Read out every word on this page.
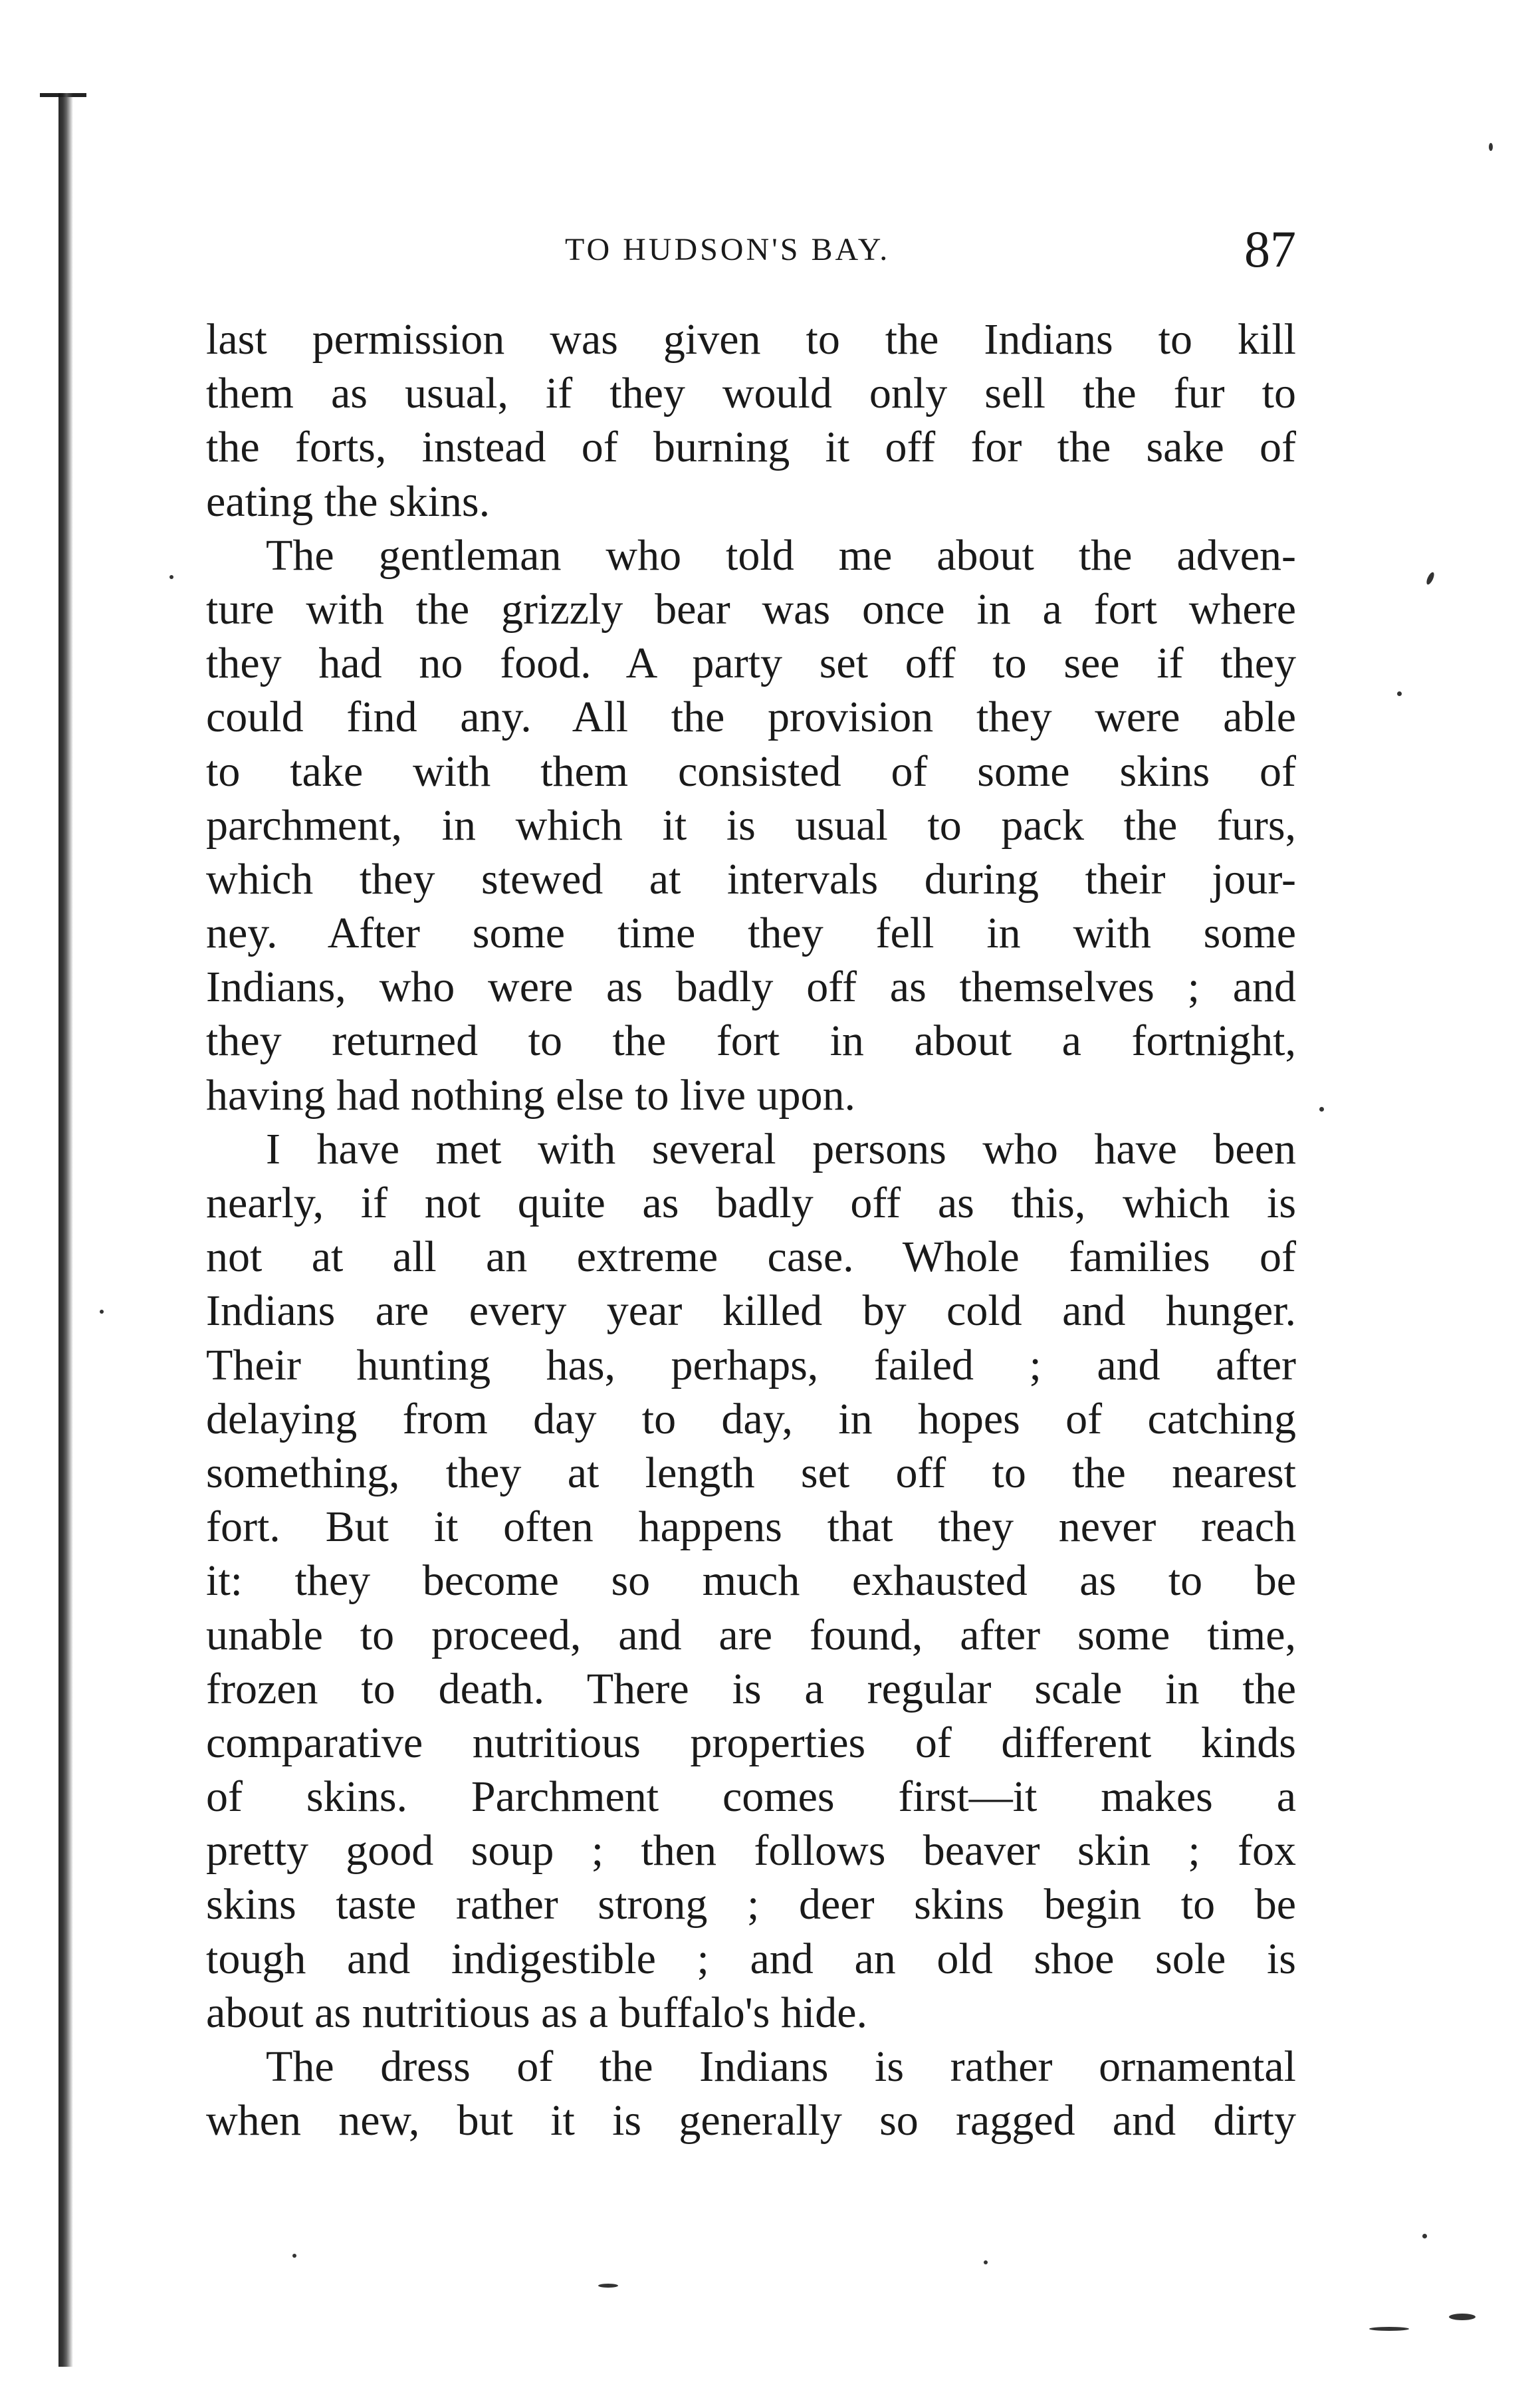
TO HUDSON'S BAY.	87
last permission was given to the Indians to kill
them as usual, if they would only sell the fur to
the forts, instead of burning it off for the sake of
eating the skins.
The gentleman who told me about the adven-
ture with the grizzly bear was once in a fort where
they had no food. A party set off to see if they
could find any. All the provision they were able
to take with them consisted of some skins of
parchment, in which it is usual to pack the furs,
which they stewed at intervals during their jour-
ney. After some time they fell in with some
Indians, who were as badly off as themselves ; and
they returned to the fort in about a fortnight,
having had nothing else to live upon.
I have met with several persons who have been
nearly, if not quite as badly off as this, which is
not at all an extreme case. Whole families of
Indians are every year killed by cold and hunger.
Their hunting has, perhaps, failed ; and after
delaying from day to day, in hopes of catching
something, they at length set off to the nearest
fort. But it often happens that they never reach
it: they become so much exhausted as to be
unable to proceed, and are found, after some time,
frozen to death. There is a regular scale in the
comparative nutritious properties of different kinds
of skins. Parchment comes first—it makes a
pretty good soup ; then follows beaver skin ; fox
skins taste rather strong ; deer skins begin to be
tough and indigestible ; and an old shoe sole is
about as nutritious as a buffalo's hide.
The dress of the Indians is rather ornamental
when new, but it is generally so ragged and dirty
